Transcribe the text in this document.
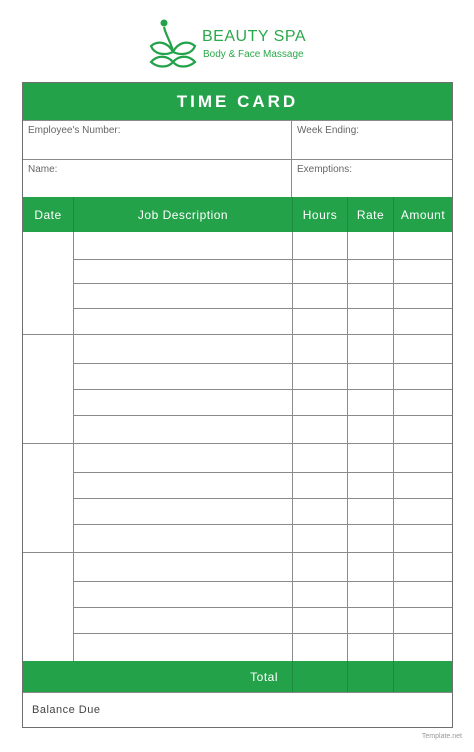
BEAUTY SPA
Body & Face Massage
TIME CARD
Employee's Number:	Week Ending:
Name:	Exemptions:
Date	Job Description	Hours	Rate	Amount
Total
Balance Due
Template.net
